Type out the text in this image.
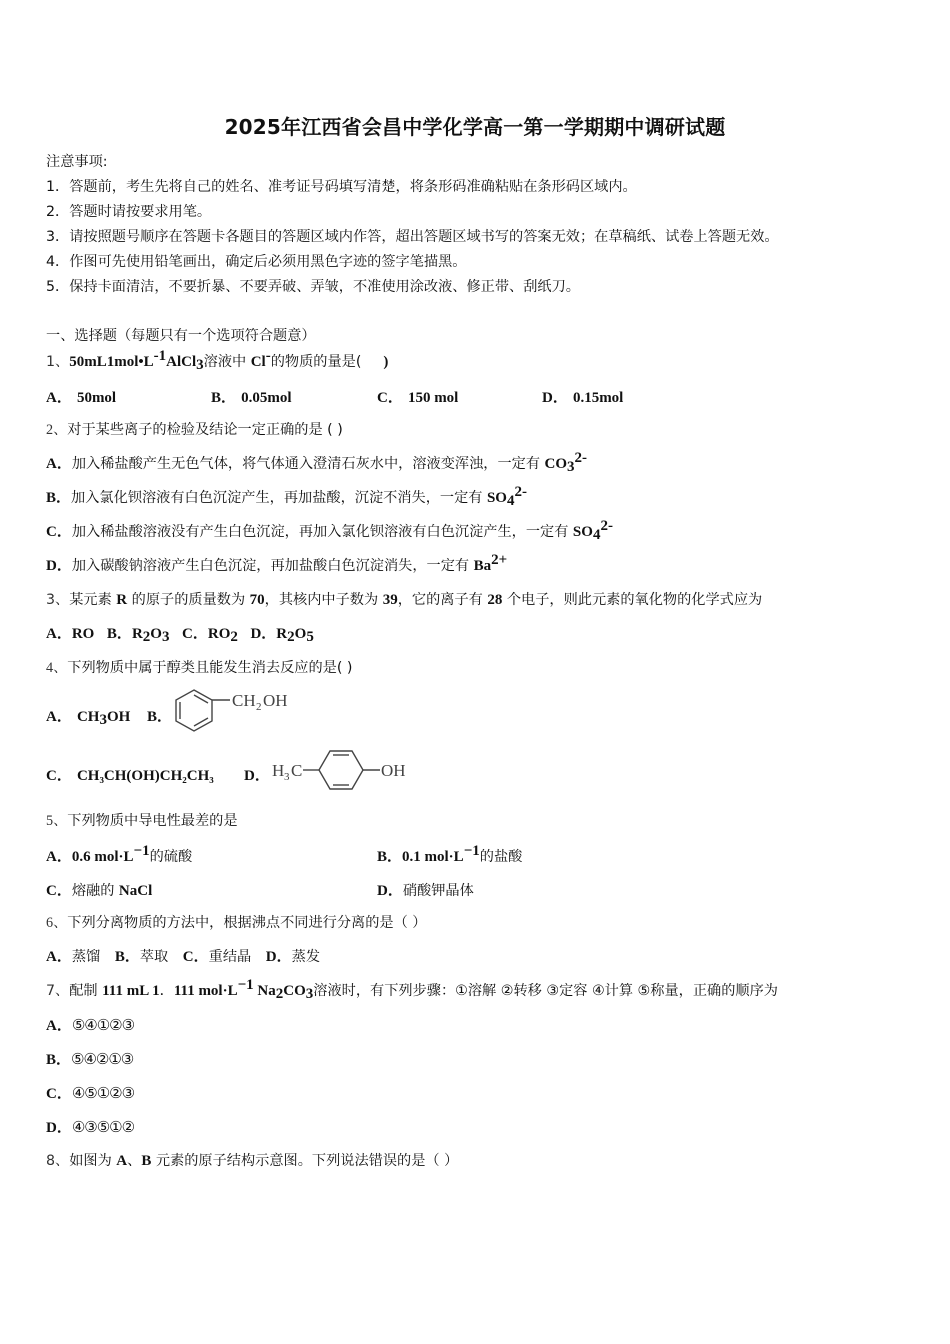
2025年江西省会昌中学化学高一第一学期期中调研试题
注意事项:
1．答题前，考生先将自己的姓名、准考证号码填写清楚，将条形码准确粘贴在条形码区域内。
2．答题时请按要求用笔。
3．请按照题号顺序在答题卡各题目的答题区域内作答，超出答题区域书写的答案无效；在草稿纸、试卷上答题无效。
4．作图可先使用铅笔画出，确定后必须用黑色字迹的签字笔描黑。
5．保持卡面清洁，不要折暴、不要弄破、弄皱，不准使用涂改液、修正带、刮纸刀。
一、选择题（每题只有一个选项符合题意）
1、$50mL1mol•L^{-1}AlCl_3$溶液中 Cl-的物质的量是( )
A． 50mol	B． 0.05mol	C． 150 mol	D． 0.15mol
2、对于某些离子的检验及结论一定正确的是 ( )
A．加入稀盐酸产生无色气体，将气体通入澄清石灰水中，溶液变浑浊，一定有 $CO_3^{2-}$
B．加入氯化钡溶液有白色沉淀产生，再加盐酸，沉淀不消失，一定有 $SO_4^{2-}$
C．加入稀盐酸溶液没有产生白色沉淀，再加入氯化钡溶液有白色沉淀产生，一定有 $SO_4^{2-}$
D．加入碳酸钠溶液产生白色沉淀，再加盐酸白色沉淀消失，一定有 $Ba^{2+}$
3、某元素 R 的原子的质量数为 70，其核内中子数为 39，它的离子有 28 个电子，则此元素的氧化物的化学式应为
A．RO B．$R_2O_3$ C．$RO_2$ D．$R_2O_5$
4、下列物质中属于醇类且能发生消去反应的是( )
A． $CH_3OH$ B．
CH 2 OH
C． CH₃CH(OH)CH₂CH₃ D． H 3 C	OH
5、下列物质中导电性最差的是
A．0.6 $mol\cdot L^{-1}$的硫酸	B．0.1 $mol\cdot L^{-1}$的盐酸
C．熔融的 NaCl	D．硝酸钾晶体
6、下列分离物质的方法中，根据沸点不同进行分离的是（ ）
A．蒸馏 B．萃取 C．重结晶 D．蒸发
7、配制 111 mL 1．111 $mol\cdot L^{-1}$ $Na_2CO_3$溶液时，有下列步骤：①溶解 ②转移 ③定容 ④计算 ⑤称量，正确的顺序为
A．⑤④①②③
B．⑤④②①③
C．④⑤①②③
D．④③⑤①②
8、如图为 A、B 元素的原子结构示意图。下列说法错误的是（ ）
